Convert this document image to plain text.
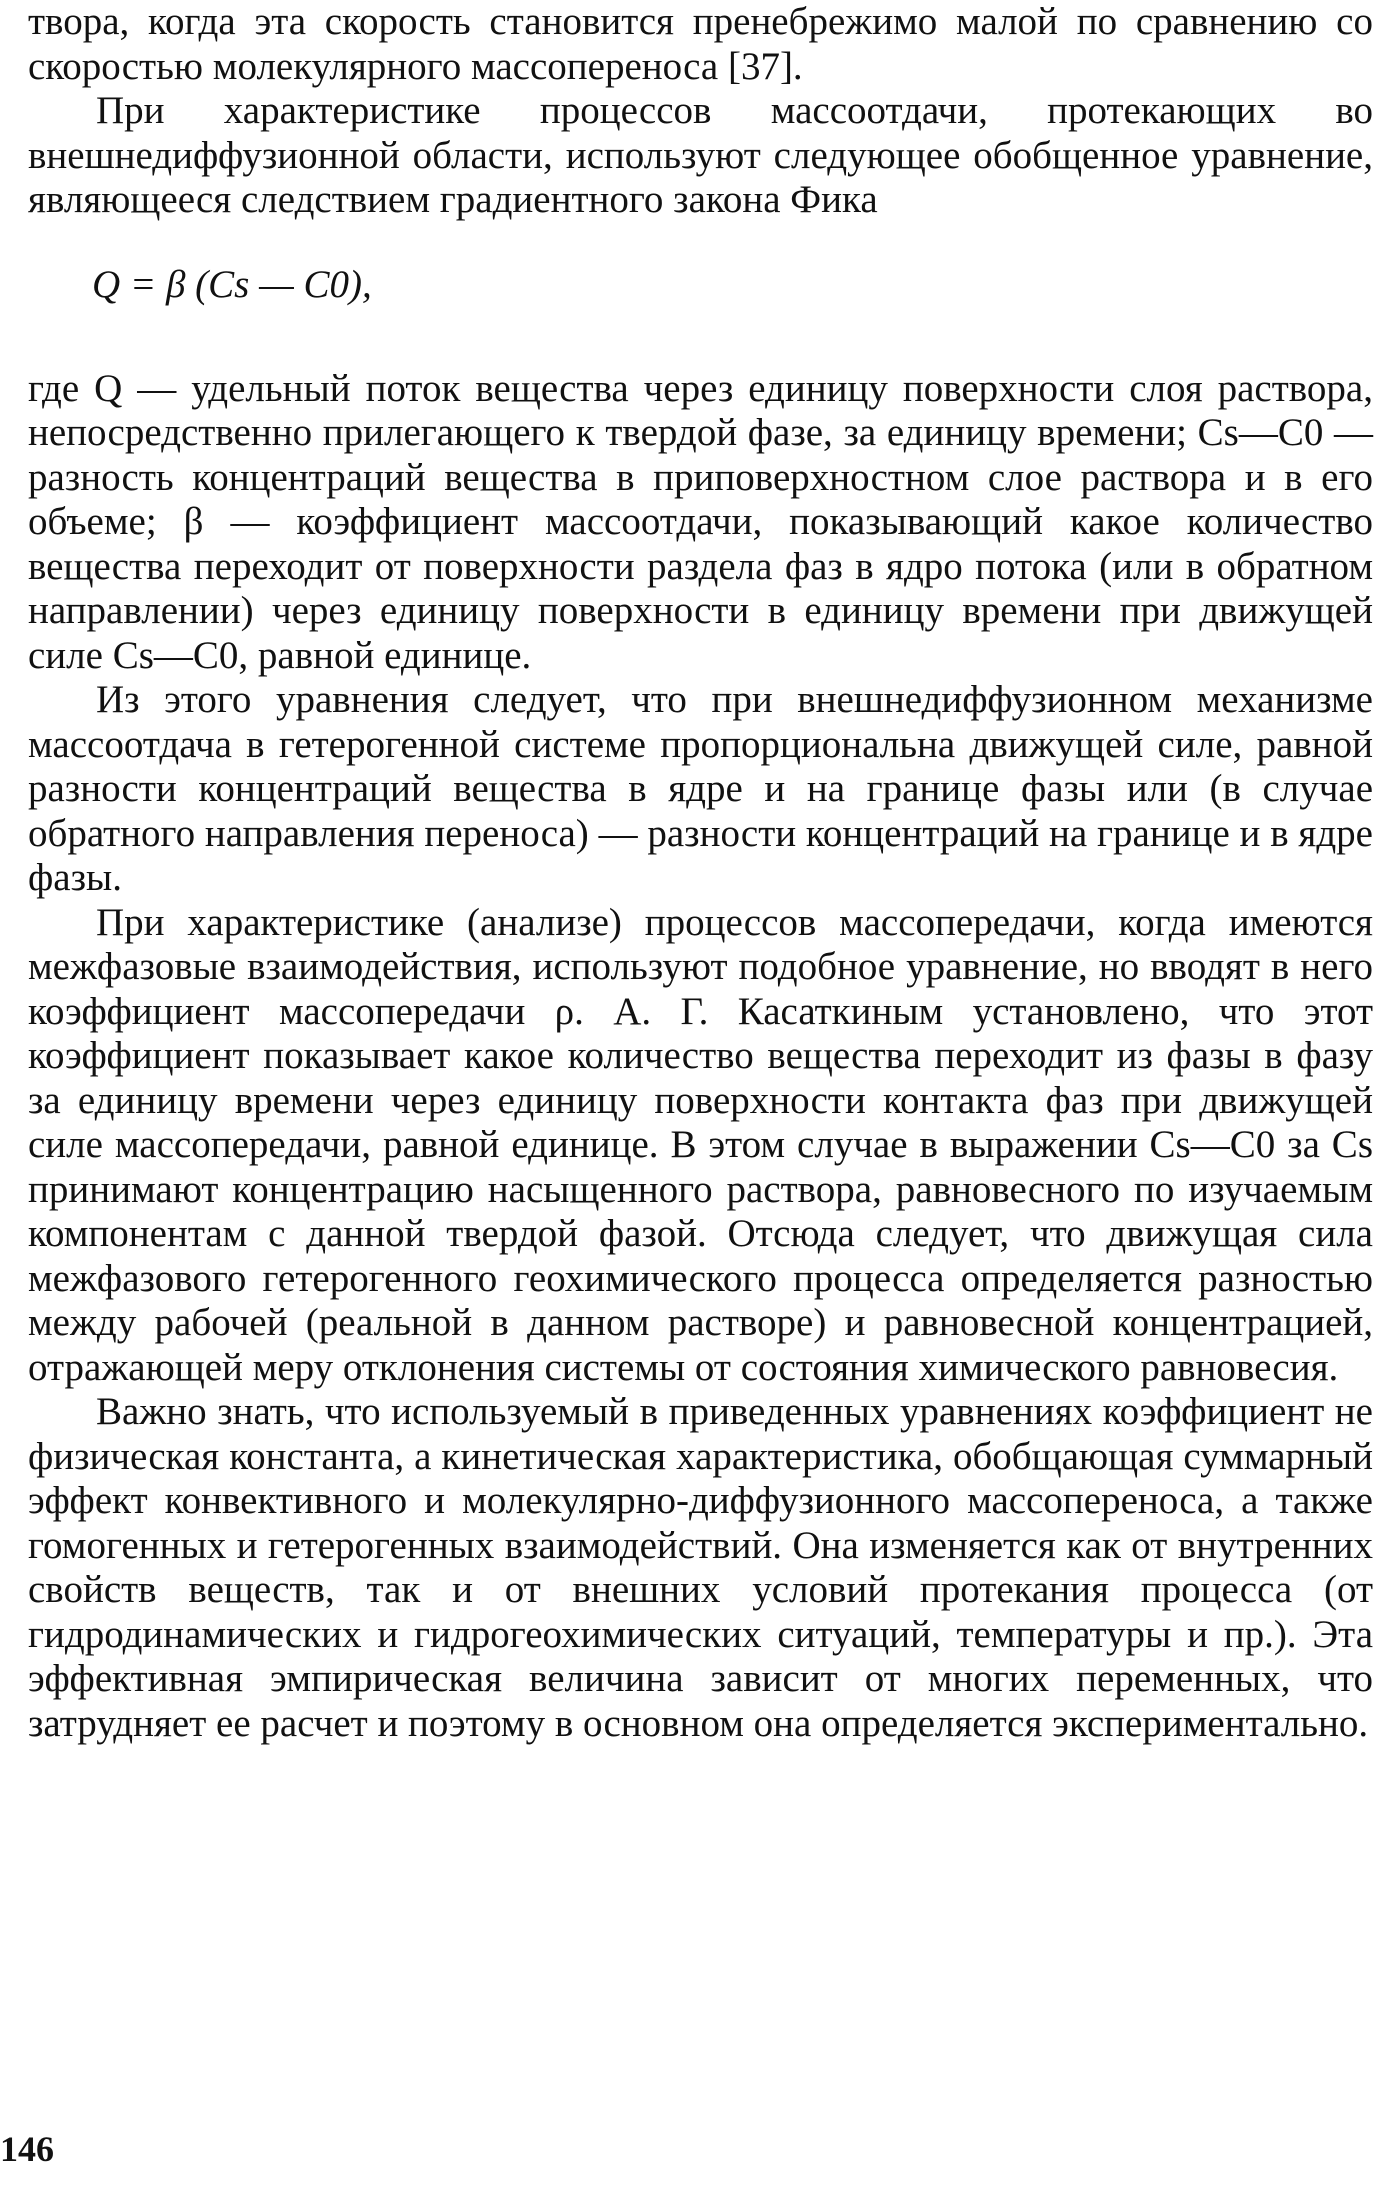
твора, когда эта скорость становится пренебрежимо малой по сравнению со скоростью молекулярного массопереноса [37].

При характеристике процессов массоотдачи, протекающих во внешнедиффузионной области, используют следующее обобщенное уравнение, являющееся следствием градиентного закона Фика

Q = β (Cs — C0),

где Q — удельный поток вещества через единицу поверхности слоя раствора, непосредственно прилегающего к твердой фазе, за единицу времени; Cs—C0 — разность концентраций вещества в приповерхностном слое раствора и в его объеме; β — коэффициент массоотдачи, показывающий какое количество вещества переходит от поверхности раздела фаз в ядро потока (или в обратном направлении) через единицу поверхности в единицу времени при движущей силе Cs—C0, равной единице.

Из этого уравнения следует, что при внешнедиффузионном механизме массоотдача в гетерогенной системе пропорциональна движущей силе, равной разности концентраций вещества в ядре и на границе фазы или (в случае обратного направления переноса) — разности концентраций на границе и в ядре фазы.

При характеристике (анализе) процессов массопередачи, когда имеются межфазовые взаимодействия, используют подобное уравнение, но вводят в него коэффициент массопередачи ρ. А. Г. Касаткиным установлено, что этот коэффициент показывает какое количество вещества переходит из фазы в фазу за единицу времени через единицу поверхности контакта фаз при движущей силе массопередачи, равной единице. В этом случае в выражении Cs—C0 за Cs принимают концентрацию насыщенного раствора, равновесного по изучаемым компонентам с данной твердой фазой. Отсюда следует, что движущая сила межфазового гетерогенного геохимического процесса определяется разностью между рабочей (реальной в данном растворе) и равновесной концентрацией, отражающей меру отклонения системы от состояния химического равновесия.

Важно знать, что используемый в приведенных уравнениях коэффициент не физическая константа, а кинетическая характеристика, обобщающая суммарный эффект конвективного и молекулярно-диффузионного массопереноса, а также гомогенных и гетерогенных взаимодействий. Она изменяется как от внутренних свойств веществ, так и от внешних условий протекания процесса (от гидродинамических и гидрогеохимических ситуаций, температуры и пр.). Эта эффективная эмпирическая величина зависит от многих переменных, что затрудняет ее расчет и поэтому в основном она определяется экспериментально.

146
